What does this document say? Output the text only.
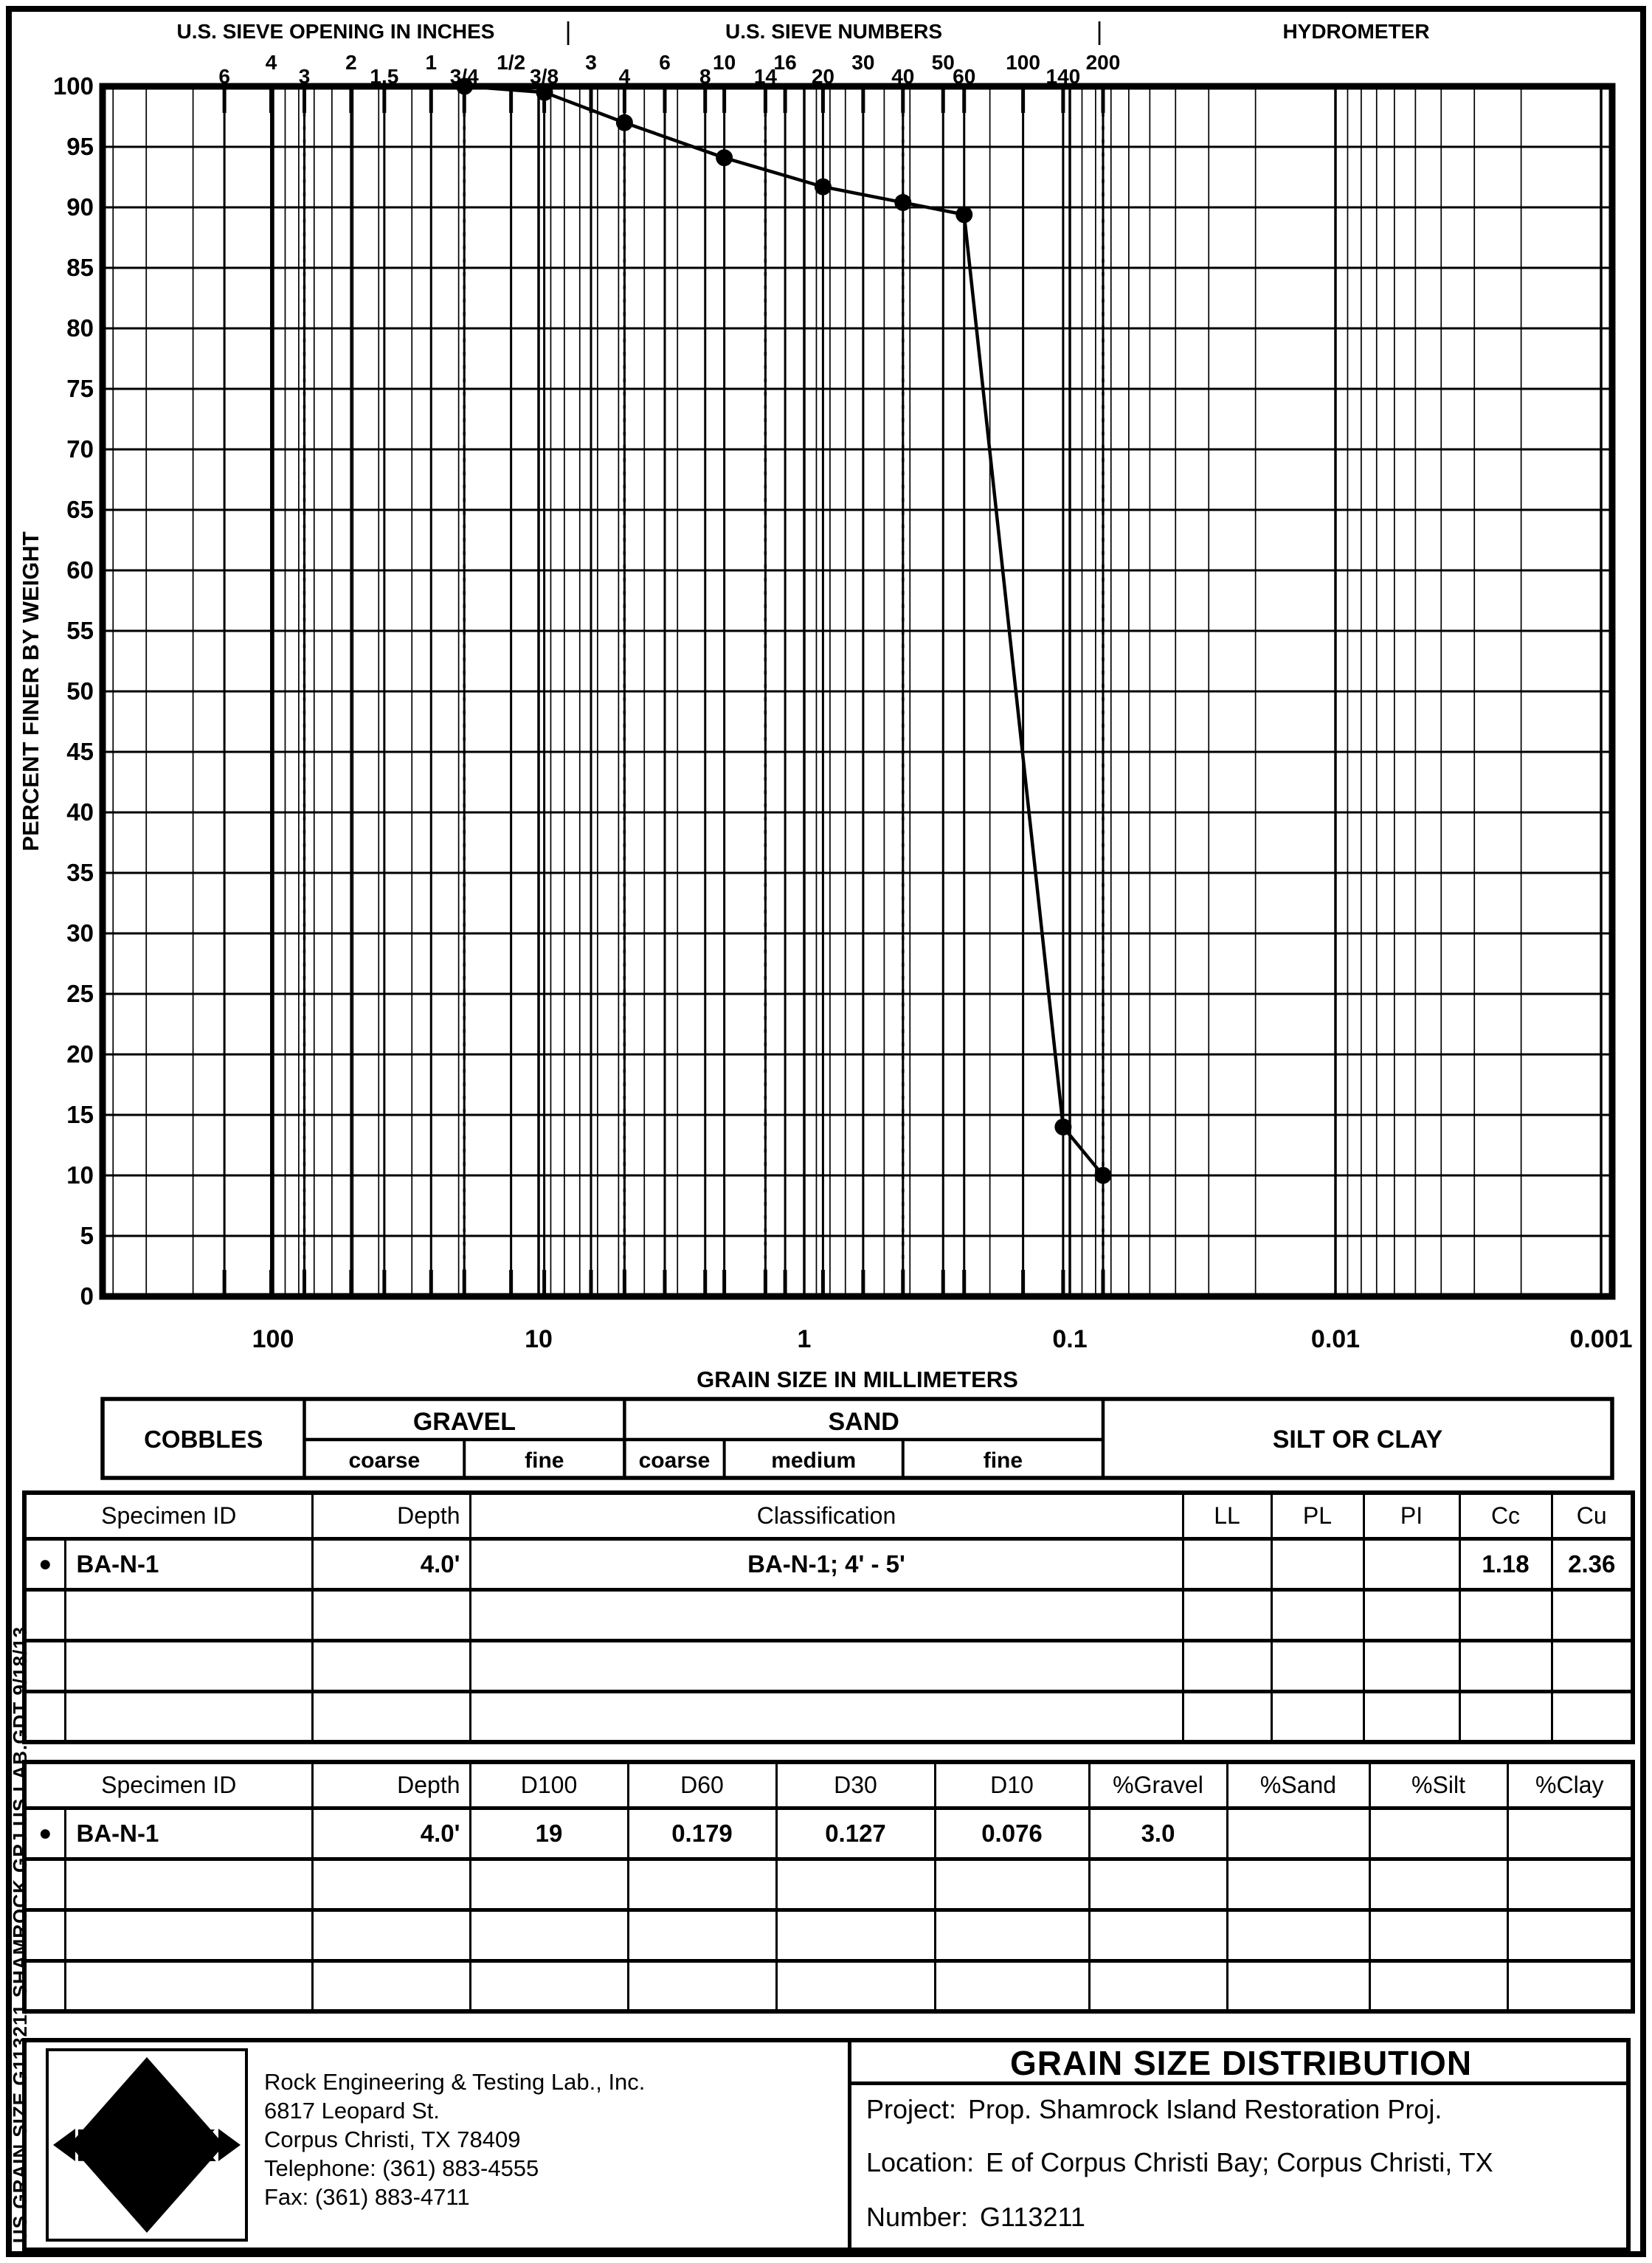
6
4
3
2
1.5
1
3/4
1/2
3/8
3
4
6
8
10
14
16
20
30
40
50
60
100
140
200
100
95
90
85
80
75
70
65
60
55
50
45
40
35
30
25
20
15
10
5
0
100	10	1	0.1	0.01	0.001
COBBLES
GRAVEL
coarse	fine
SAND
coarse	medium	fine
SILT OR CLAY
U.S. SIEVE OPENING IN INCHES	|	U.S. SIEVE NUMBERS	|	HYDROMETER
PERCENT FINER BY WEIGHT
GRAIN SIZE IN MILLIMETERS
Specimen ID		Depth	Classification	LL	PL	PI	Cc	Cu
●	BA-N-1	4.0'	BA-N-1; 4' - 5'				1.18	2.36

Specimen ID		Depth	D100	D60	D30	D10	%Gravel	%Sand	%Silt	%Clay
●	BA-N-1	4.0'	19	0.179	0.127	0.076	3.0			

ROCK
Rock Engineering & Testing Lab., Inc.
6817 Leopard St.
Corpus Christi, TX 78409
Telephone: (361) 883-4555
Fax: (361) 883-4711
GRAIN SIZE DISTRIBUTION
Project: Prop. Shamrock Island Restoration Proj.
Location: E of Corpus Christi Bay; Corpus Christi, TX
Number: G113211
US GRAIN SIZE G113211 SHAMROCK.GPJ US LAB.GDT 9/18/13
